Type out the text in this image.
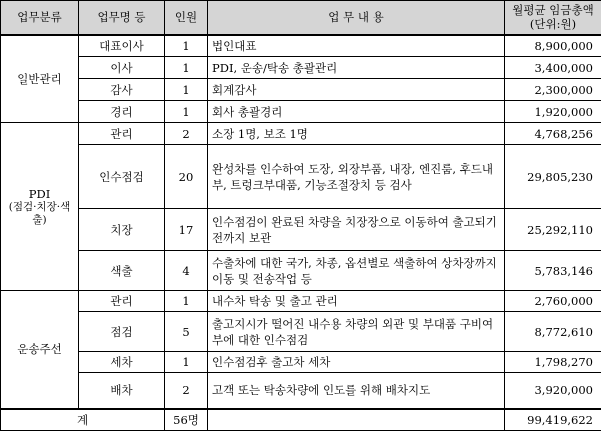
업무분류	업무명 등	인원	업 무 내 용	월평균 임금총액 (단위:원)
일반관리	대표이사	1	법인대표	8,900,000
	이사	1	PDI, 운송/탁송 총괄관리	3,400,000
	감사	1	회계감사	2,300,000
	경리	1	회사 총괄경리	1,920,000
PDI
(점검·치장·색출)	관리	2	소장 1명, 보조 1명	4,768,256
	인수점검	20	완성차를 인수하여 도장, 외장부품, 내장, 엔진룸, 후드내부, 트렁크부대품, 기능조절장치 등 검사	29,805,230
	치장	17	인수점검이 완료된 차량을 치장장으로 이동하여 출고되기 전까지 보관	25,292,110
	색출	4	수출차에 대한 국가, 차종, 옵션별로 색출하여 상차장까지 이동 및 전송작업 등	5,783,146
운송주선	관리	1	내수차 탁송 및 출고 관리	2,760,000
	점검	5	출고지시가 떨어진 내수용 차량의 외관 및 부대품 구비여부에 대한 인수점검	8,772,610
	세차	1	인수점검후 출고차 세차	1,798,270
	배차	2	고객 또는 탁송차량에 인도를 위해 배차지도	3,920,000
계		56명		99,419,622
